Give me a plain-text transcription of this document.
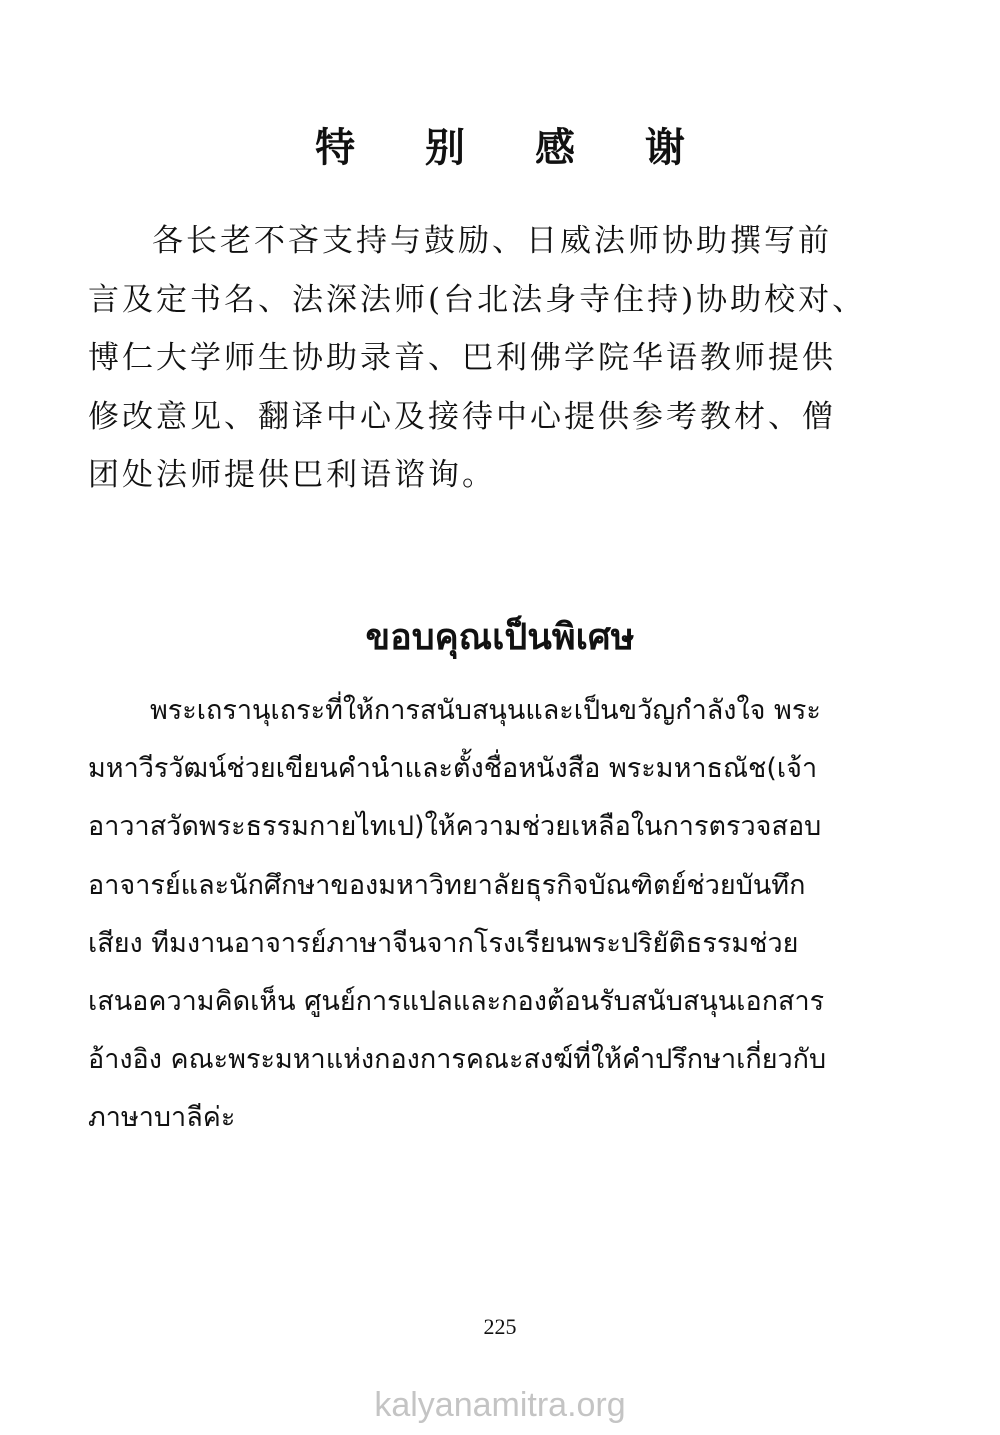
特 别 感 谢

各长老不吝支持与鼓励、日威法师协助撰写前
言及定书名、法深法师(台北法身寺住持)协助校对、
博仁大学师生协助录音、巴利佛学院华语教师提供
修改意见、翻译中心及接待中心提供参考教材、僧
团处法师提供巴利语谘询。

ขอบคุณเป็นพิเศษ

พระเถรานุเถระที่ให้การสนับสนุนและเป็นขวัญกำลังใจ พระ
มหาวีรวัฒน์ช่วยเขียนคำนำและตั้งชื่อหนังสือ พระมหาธณัช(เจ้า
อาวาสวัดพระธรรมกายไทเป)ให้ความช่วยเหลือในการตรวจสอบ
อาจารย์และนักศึกษาของมหาวิทยาลัยธุรกิจบัณฑิตย์ช่วยบันทึก
เสียง ทีมงานอาจารย์ภาษาจีนจากโรงเรียนพระปริยัติธรรมช่วย
เสนอความคิดเห็น ศูนย์การแปลและกองต้อนรับสนับสนุนเอกสาร
อ้างอิง คณะพระมหาแห่งกองการคณะสงฆ์ที่ให้คำปรึกษาเกี่ยวกับ
ภาษาบาลีค่ะ

225
kalyanamitra.org
